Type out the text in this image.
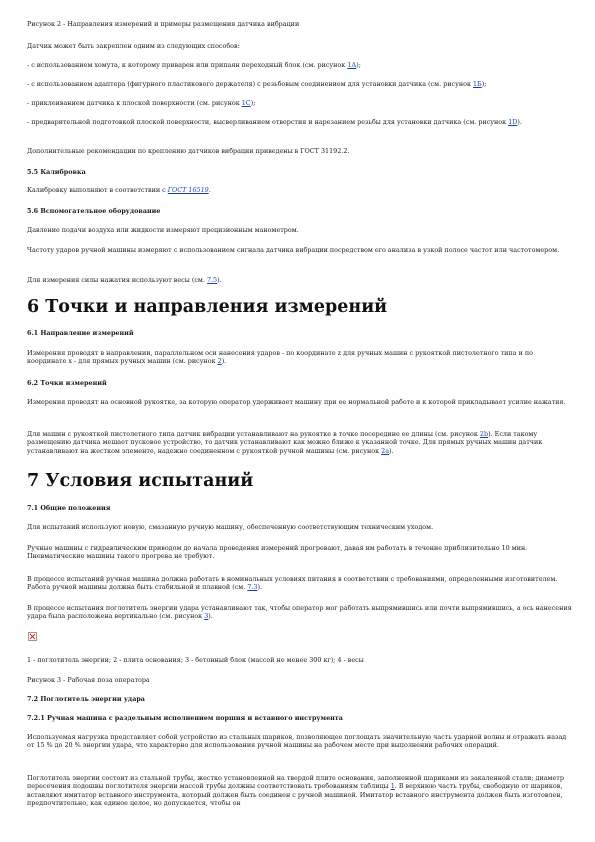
Рисунок 2 - Направления измерений и примеры размещения датчика вибрации

Датчик может быть закреплен одним из следующих способов:

- с использованием хомута, к которому приварен или припаян переходный блок (см. рисунок 1А);

- с использованием адаптера (фигурного пластикового держателя) с резьбовым соединением для установки датчика (см. рисунок 1Б);

- приклеиванием датчика к плоской поверхности (см. рисунок 1С);

- предварительной подготовкой плоской поверхности, высверливанием отверстия и нарезанием резьбы для установки датчика (см. рисунок 1D).

Дополнительные рекомендации по креплению датчиков вибрации приведены в ГОСТ 31192.2.

5.5 Калибровка

Калибровку выполняют в соответствии с ГОСТ 16519.

5.6 Вспомогательное оборудование

Давление подачи воздуха или жидкости измеряют прецизионным манометром.

Частоту ударов ручной машины измеряют с использованием сигнала датчика вибрации посредством его анализа в узкой полосе частот или частотомером.

Для измерения силы нажатия используют весы (см. 7.5).

6 Точки и направления измерений

6.1 Направление измерений

Измерения проводят в направлении, параллельном оси нанесения ударов - по координате z для ручных машин с рукояткой пистолетного типа и по координате x - для прямых ручных машин (см. рисунок 2).

6.2 Точки измерений

Измерения проводят на основной рукоятке, за которую оператор удерживает машину при ее нормальной работе и к которой прикладывает усилие нажатия.

Для машин с рукояткой пистолетного типа датчик вибрации устанавливают на рукоятке в точке посередине ее длины (см. рисунок 2b). Если такому размещению датчика мешает пусковое устройство, то датчик устанавливают как можно ближе к указанной точке. Для прямых ручных машин датчик устанавливают на жестком элементе, надежно соединенном с рукояткой ручной машины (см. рисунок 2а).

7 Условия испытаний

7.1 Общие положения

Для испытаний используют новую, смазанную ручную машину, обеспеченную соответствующим техническим уходом.

Ручные машины с гидравлическим приводом до начала проведения измерений прогревают, давая им работать в течение приблизительно 10 мин. Пневматические машины такого прогрева не требуют.

В процессе испытаний ручная машина должна работать в номинальных условиях питания в соответствии с требованиями, определенными изготовителем. Работа ручной машины должна быть стабильной и плавной (см. 7.3).

В процессе испытания поглотитель энергии удара устанавливают так, чтобы оператор мог работать выпрямившись или почти выпрямившись, а ось нанесения удара была расположена вертикально (см. рисунок 3).

1 - поглотитель энергии; 2 - плита основания; 3 - бетонный блок (массой не менее 300 кг); 4 - весы

Рисунок 3 - Рабочая поза оператора

7.2 Поглотитель энергии удара

7.2.1 Ручная машина с раздельным исполнением поршня и вставного инструмента

Используемая нагрузка представляет собой устройство из стальных шариков, позволяющее поглощать значительную часть ударной волны и отражать назад от 15 % до 20 % энергии удара, что характерно для использования ручной машины на рабочем месте при выполнении рабочих операций.

Поглотитель энергии состоит из стальной трубы, жестко установленной на твердой плите основания, заполненной шариками из закаленной стали; диаметр пересечения подошвы поглотителя энергии массой трубы должны соответствовать требованиям таблицы 1. В верхнюю часть трубы, свободную от шариков, вставляют имитатор вставного инструмента, который должен быть соединен с ручной машиной. Имитатор вставного инструмента должен быть изготовлен, предпочтительно, как единое целое, но допускается, чтобы он
